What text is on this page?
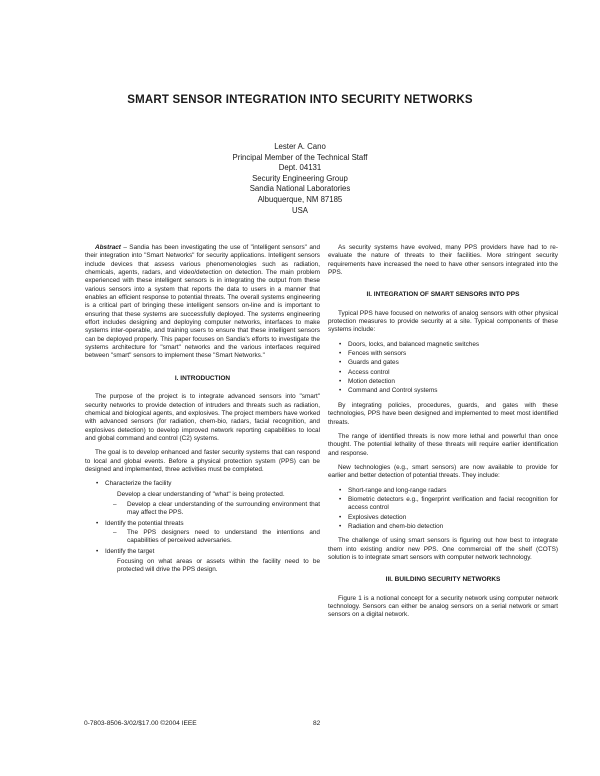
SMART SENSOR INTEGRATION INTO SECURITY NETWORKS
Lester A. Cano
Principal Member of the Technical Staff
Dept. 04131
Security Engineering Group
Sandia National Laboratories
Albuquerque, NM 87185
USA

Abstract – Sandia has been investigating the use of "intelligent sensors" and their integration into "Smart Networks" for security applications. Intelligent sensors include devices that assess various phenomenologies such as radiation, chemicals, agents, radars, and video/detection on detection. The main problem experienced with these intelligent sensors is in integrating the output from these various sensors into a system that reports the data to users in a manner that enables an efficient response to potential threats. The overall systems engineering is a critical part of bringing these intelligent sensors on-line and is important to ensuring that these systems are successfully deployed. The systems engineering effort includes designing and deploying computer networks, interfaces to make systems inter-operable, and training users to ensure that these intelligent sensors can be deployed properly. This paper focuses on Sandia's efforts to investigate the systems architecture for "smart" networks and the various interfaces required between "smart" sensors to implement these "Smart Networks."

I. INTRODUCTION

The purpose of the project is to integrate advanced sensors into "smart" security networks to provide detection of intruders and threats such as radiation, chemical and biological agents, and explosives. The project members have worked with advanced sensors (for radiation, chem-bio, radars, facial recognition, and explosives detection) to develop improved network reporting capabilities to local and global command and control (C2) systems.

The goal is to develop enhanced and faster security systems that can respond to local and global events. Before a physical protection system (PPS) can be designed and implemented, three activities must be completed.

• Characterize the facility
Develop a clear understanding of "what" is being protected.
– Develop a clear understanding of the surrounding environment that may affect the PPS.
• Identify the potential threats
– The PPS designers need to understand the intentions and capabilities of perceived adversaries.
• Identify the target
Focusing on what areas or assets within the facility need to be protected will drive the PPS design.

As security systems have evolved, many PPS providers have had to re-evaluate the nature of threats to their facilities. More stringent security requirements have increased the need to have other sensors integrated into the PPS.

II. INTEGRATION OF SMART SENSORS INTO PPS

Typical PPS have focused on networks of analog sensors with other physical protection measures to provide security at a site. Typical components of these systems include:

• Doors, locks, and balanced magnetic switches
• Fences with sensors
• Guards and gates
• Access control
• Motion detection
• Command and Control systems

By integrating policies, procedures, guards, and gates with these technologies, PPS have been designed and implemented to meet most identified threats.

The range of identified threats is now more lethal and powerful than once thought. The potential lethality of these threats will require earlier identification and response.

New technologies (e.g., smart sensors) are now available to provide for earlier and better detection of potential threats. They include:

• Short-range and long-range radars
• Biometric detectors e.g., fingerprint verification and facial recognition for access control
• Explosives detection
• Radiation and chem-bio detection

The challenge of using smart sensors is figuring out how best to integrate them into existing and/or new PPS. One commercial off the shelf (COTS) solution is to integrate smart sensors with computer network technology.

III. BUILDING SECURITY NETWORKS

Figure 1 is a notional concept for a security network using computer network technology. Sensors can either be analog sensors on a serial network or smart sensors on a digital network.

0-7803-8506-3/02/$17.00 ©2004 IEEE	82
